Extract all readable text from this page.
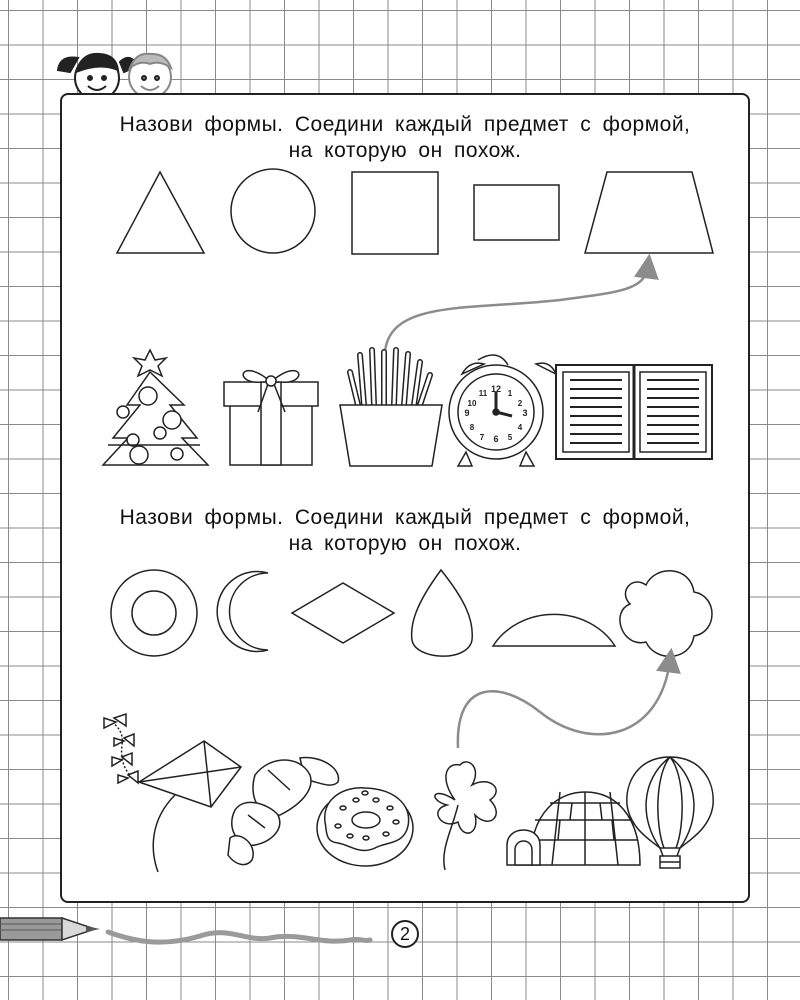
Назови формы. Соедини каждый предмет с формой,
на которую он похож.
Назови формы. Соедини каждый предмет с формой,
на которую он похож.
12
3
6
9
1
2
4
5
7
8
10
11
2
